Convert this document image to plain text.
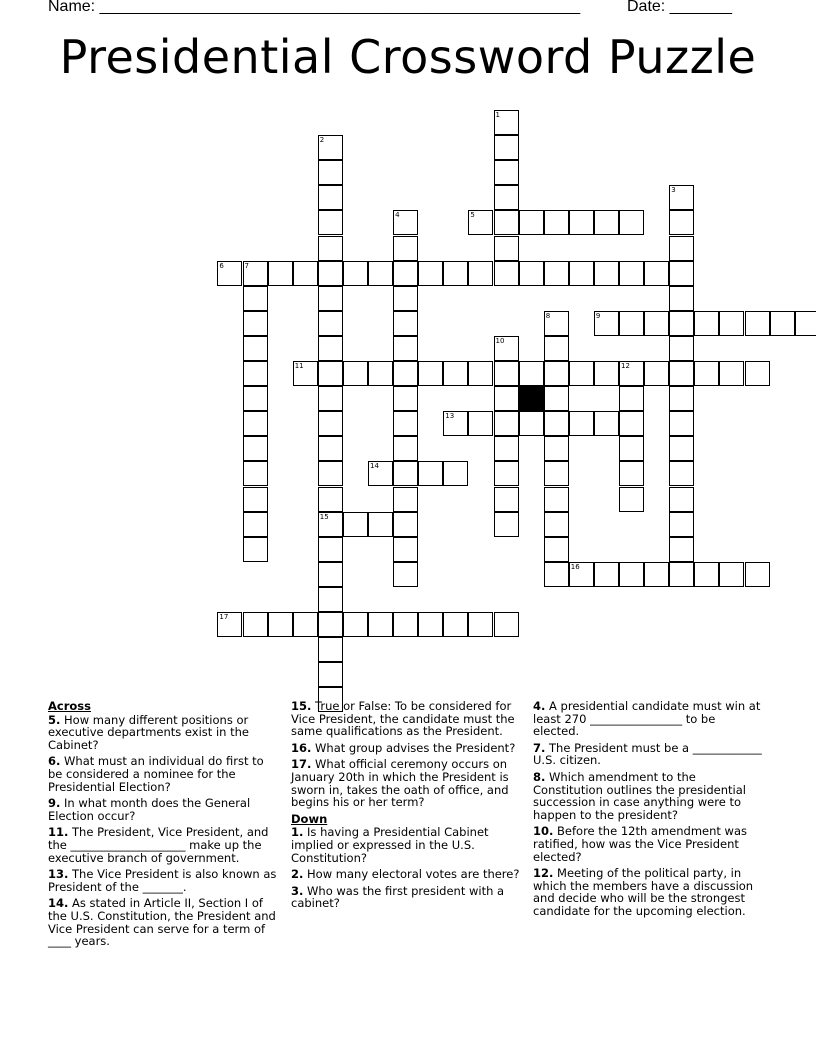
Name: ______________________________________________________	Date: _______
Presidential Crossword Puzzle
1
2
15
3
4	5
6	7
8	9
10
11	12
13
14
16
17

Across

5. How many different positions or executive departments exist in the Cabinet?

6. What must an individual do first to be considered a nominee for the Presidential Election?

9. In what month does the General Election occur?

11. The President, Vice President, and the ____________________ make up the executive branch of government.

13. The Vice President is also known as President of the _______.

14. As stated in Article II, Section I of the U.S. Constitution, the President and Vice President can serve for a term of ____ years.

15. True or False: To be considered for Vice President, the candidate must the same qualifications as the President.

16. What group advises the President?

17. What official ceremony occurs on January 20th in which the President is sworn in, takes the oath of office, and begins his or her term?

Down

1. Is having a Presidential Cabinet implied or expressed in the U.S. Constitution?

2. How many electoral votes are there?

3. Who was the first president with a cabinet?

4. A presidential candidate must win at least 270 ________________ to be elected.

7. The President must be a ____________ U.S. citizen.

8. Which amendment to the Constitution outlines the presidential succession in case anything were to happen to the president?

10. Before the 12th amendment was ratified, how was the Vice President elected?

12. Meeting of the political party, in which the members have a discussion and decide who will be the strongest candidate for the upcoming election.
